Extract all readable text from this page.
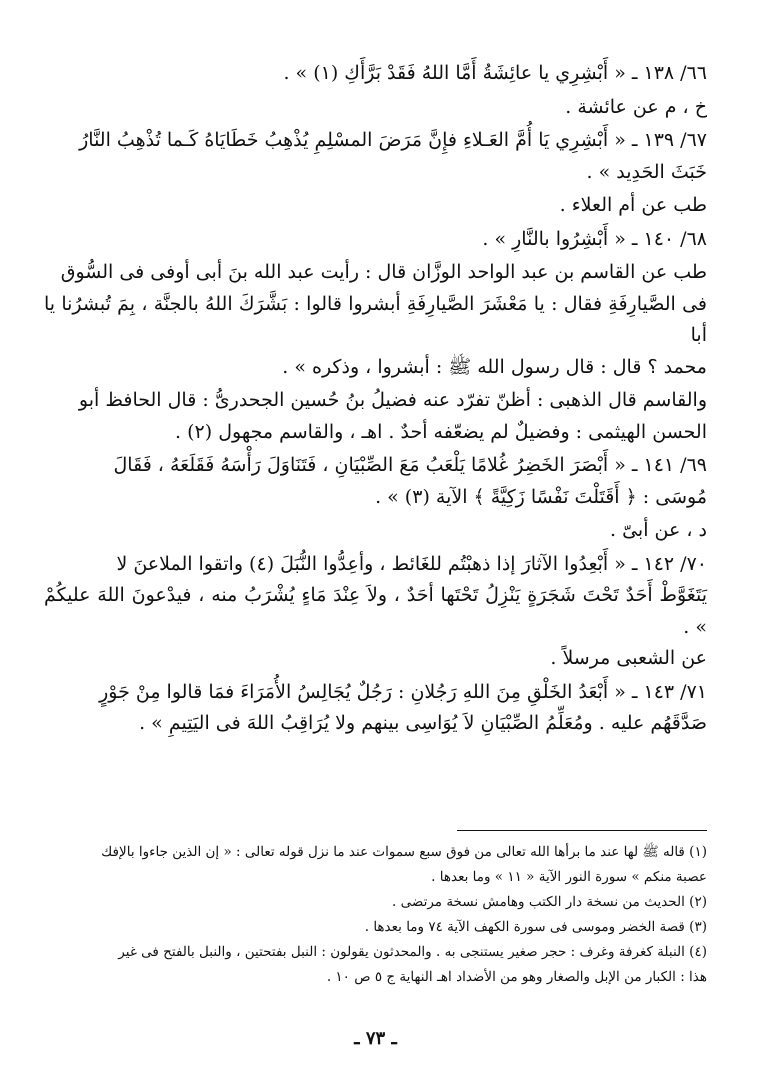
٦٦/ ١٣٨ ـ « أَبْشِرِي يا عائِشَةُ أَمَّا اللهُ فَقَدْ بَرَّأَكِ (١) » .

خ ، م عن عائشة .

٦٧/ ١٣٩ ـ « أَبْشِرِي يَا أُمَّ العَـلاءِ فإِنَّ مَرَضَ المسْلِمِ يُذْهِبُ خَطَايَاهُ كَـما تُذْهِبُ النَّارُ

خَبَثَ الحَدِيد » .

طب عن أم العلاء .

٦٨/ ١٤٠ ـ « أَبْشِرُوا بالنَّارِ » .

طب عن القاسم بن عبد الواحد الوزَّان قال : رأيت عبد الله بنَ أبى أوفى فى السُّوق

فى الصَّيارِفَةِ فقال : يا مَعْشَرَ الصَّيارِفَةِ أبشروا قالوا : بَشَّرَكَ اللهُ بالجنَّة ، بِمَ تُبشرُنا يا أبا

محمد ؟ قال : قال رسول الله ﷺ : أبشروا ، وذكره » .

والقاسم قال الذهبى : أظنّ تفرّد عنه فضيلُ بنُ حُسين الجحدرىُّ : قال الحافظ أبو

الحسن الهيثمى : وفضيلٌ لم يضعّفه أحدٌ . اهـ ، والقاسم مجهول (٢) .

٦٩/ ١٤١ ـ « أَبْصَرَ الخَضِرُ غُلامًا يَلْعَبُ مَعَ الصِّبْيَانِ ، فَتَنَاوَلَ رَأْسَهُ فَقَلَعَهُ ، فَقَالَ

مُوسَى : ﴿ أَقَتَلْتَ نَفْسًا زَكِيَّةً ﴾ الآية (٣) » .

د ، عن أبىّ .

٧٠/ ١٤٢ ـ « أَبْعِدُوا الآثارَ إذا ذهبْتُم للغَائط ، وأعِدُّوا النُّبَلَ (٤) واتقوا الملاعنَ لا

يَتَغَوَّطْ أَحَدٌ تَحْتَ شَجَرَةٍ يَنْزِلُ تَحْتَها أحَدٌ ، ولاَ عِنْدَ مَاءٍ يُشْرَبُ منه ، فيدْعونَ اللهَ عليكُمْ » .

عن الشعبى مرسلاً .

٧١/ ١٤٣ ـ « أَبْعَدُ الخَلْقِ مِنَ اللهِ رَجُلانِ : رَجُلٌ يُجَالِسُ الأُمَرَاءَ فمَا قالوا مِنْ جَوْرٍ

صَدَّقَهُم عليه . ومُعَلِّمُ الصِّبْيَانِ لاَ يُوَاسِى بينهم ولا يُرَاقِبُ اللهَ فى اليَتِيمِ » .

(١) قاله ﷺ لها عند ما برأها الله تعالى من فوق سبع سموات عند ما نزل قوله تعالى : « إن الذين جاءوا بالإفك

عصبة منكم » سورة النور الآية « ١١ » وما بعدها .

(٢) الحديث من نسخة دار الكتب وهامش نسخة مرتضى .

(٣) قصة الخضر وموسى فى سورة الكهف الآية ٧٤ وما بعدها .

(٤) النبلة كغرفة وغرف : حجر صغير يستنجى به . والمحدثون يقولون : النبل بفتحتين ، والنبل بالفتح فى غير

هذا : الكبار من الإبل والصغار وهو من الأضداد اهـ النهاية ج ٥ ص ١٠ .

ـ ٧٣ ـ
